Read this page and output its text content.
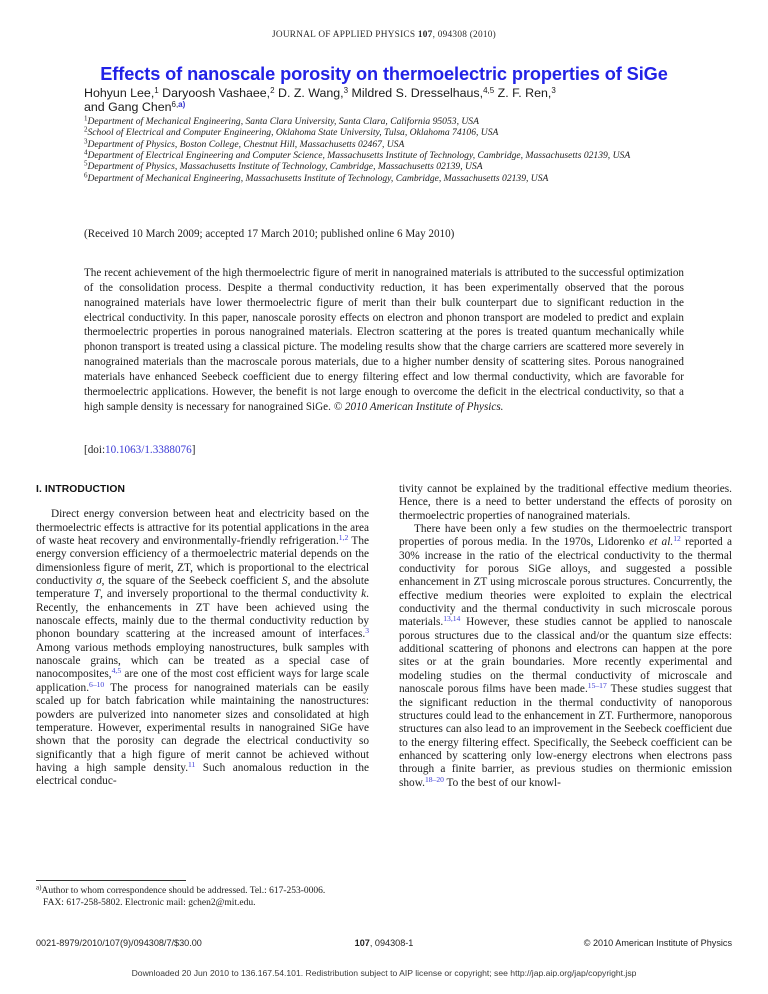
JOURNAL OF APPLIED PHYSICS 107, 094308 (2010)
Effects of nanoscale porosity on thermoelectric properties of SiGe
Hohyun Lee,$^1$ Daryoosh Vashaee,$^2$ D. Z. Wang,$^3$ Mildred S. Dresselhaus,$^{4,5}$ Z. F. Ren,$^3$
and Gang Chen$^{6,a)}$
$^1$Department of Mechanical Engineering, Santa Clara University, Santa Clara, California 95053, USA
$^2$School of Electrical and Computer Engineering, Oklahoma State University, Tulsa, Oklahoma 74106, USA
$^3$Department of Physics, Boston College, Chestnut Hill, Massachusetts 02467, USA
$^4$Department of Electrical Engineering and Computer Science, Massachusetts Institute of Technology, Cambridge, Massachusetts 02139, USA
$^5$Department of Physics, Massachusetts Institute of Technology, Cambridge, Massachusetts 02139, USA
$^6$Department of Mechanical Engineering, Massachusetts Institute of Technology, Cambridge, Massachusetts 02139, USA
(Received 10 March 2009; accepted 17 March 2010; published online 6 May 2010)
The recent achievement of the high thermoelectric figure of merit in nanograined materials is attributed to the successful optimization of the consolidation process. Despite a thermal conductivity reduction, it has been experimentally observed that the porous nanograined materials have lower thermoelectric figure of merit than their bulk counterpart due to significant reduction in the electrical conductivity. In this paper, nanoscale porosity effects on electron and phonon transport are modeled to predict and explain thermoelectric properties in porous nanograined materials. Electron scattering at the pores is treated quantum mechanically while phonon transport is treated using a classical picture. The modeling results show that the charge carriers are scattered more severely in nanograined materials than the macroscale porous materials, due to a higher number density of scattering sites. Porous nanograined materials have enhanced Seebeck coefficient due to energy filtering effect and low thermal conductivity, which are favorable for thermoelectric applications. However, the benefit is not large enough to overcome the deficit in the electrical conductivity, so that a high sample density is necessary for nanograined SiGe. © 2010 American Institute of Physics.
[doi:10.1063/1.3388076]
I. INTRODUCTION

Direct energy conversion between heat and electricity based on the thermoelectric effects is attractive for its potential applications in the area of waste heat recovery and environmentally-friendly refrigeration.$^{1,2}$ The energy conversion efficiency of a thermoelectric material depends on the dimensionless figure of merit, ZT, which is proportional to the electrical conductivity σ, the square of the Seebeck coefficient S, and the absolute temperature T, and inversely proportional to the thermal conductivity k. Recently, the enhancements in ZT have been achieved using the nanoscale effects, mainly due to the thermal conductivity reduction by phonon boundary scattering at the increased amount of interfaces.$^3$ Among various methods employing nanostructures, bulk samples with nanoscale grains, which can be treated as a special case of nanocomposites,$^{4,5}$ are one of the most cost efficient ways for large scale application.$^{6-10}$ The process for nanograined materials can be easily scaled up for batch fabrication while maintaining the nanostructures: powders are pulverized into nanometer sizes and consolidated at high temperature. However, experimental results in nanograined SiGe have shown that the porosity can degrade the electrical conductivity so significantly that a high figure of merit cannot be achieved without having a high sample density.$^{11}$ Such anomalous reduction in the electrical conduc-

tivity cannot be explained by the traditional effective medium theories. Hence, there is a need to better understand the effects of porosity on thermoelectric properties of nanograined materials.

There have been only a few studies on the thermoelectric transport properties of porous media. In the 1970s, Lidorenko et al.$^{12}$ reported a 30% increase in the ratio of the electrical conductivity to the thermal conductivity for porous SiGe alloys, and suggested a possible enhancement in ZT using microscale porous structures. Concurrently, the effective medium theories were exploited to explain the electrical conductivity and the thermal conductivity in such microscale porous materials.$^{13,14}$ However, these studies cannot be applied to nanoscale porous structures due to the classical and/or the quantum size effects: additional scattering of phonons and electrons can happen at the pore sites or at the grain boundaries. More recently experimental and modeling studies on the thermal conductivity of microscale and nanoscale porous films have been made.$^{15-17}$ These studies suggest that the significant reduction in the thermal conductivity of nanoporous structures could lead to the enhancement in ZT. Furthermore, nanoporous structures can also lead to an improvement in the Seebeck coefficient due to the energy filtering effect. Specifically, the Seebeck coefficient can be enhanced by scattering only low-energy electrons when electrons pass through a finite barrier, as previous studies on thermionic emission show.$^{18-20}$ To the best of our knowl-

$^{a)}$Author to whom correspondence should be addressed. Tel.: 617-253-0006.
FAX: 617-258-5802. Electronic mail: gchen2@mit.edu.
0021-8979/2010/107(9)/094308/7/$30.00	107, 094308-1	© 2010 American Institute of Physics
Downloaded 20 Jun 2010 to 136.167.54.101. Redistribution subject to AIP license or copyright; see http://jap.aip.org/jap/copyright.jsp
